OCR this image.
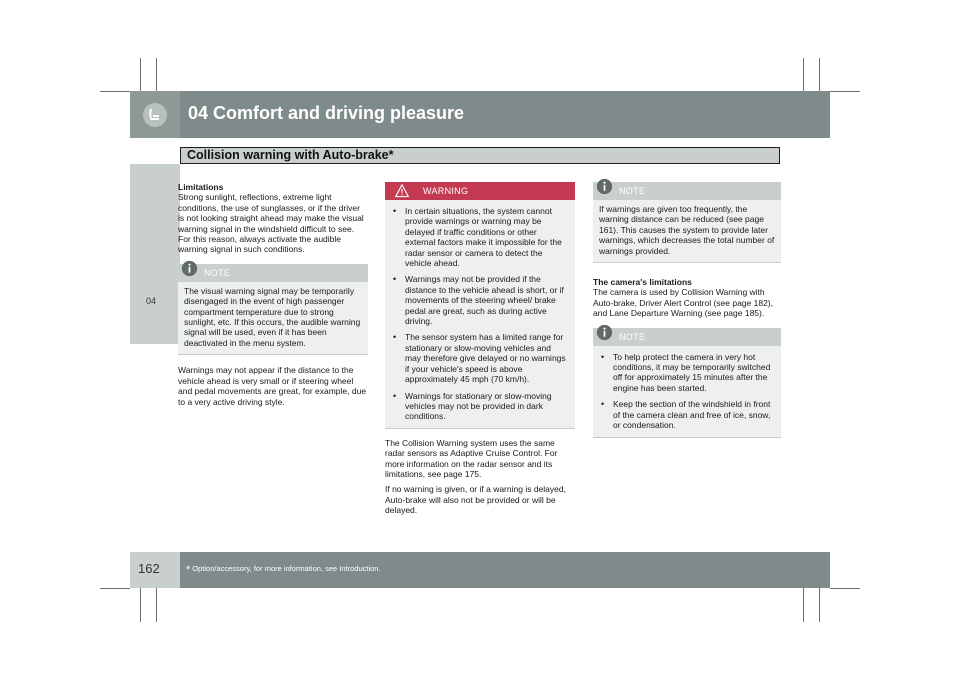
04 Comfort and driving pleasure
Collision warning with Auto-brake*
04
Limitations

Strong sunlight, reflections, extreme light conditions, the use of sunglasses, or if the driver is not looking straight ahead may make the visual warning signal in the windshield difficult to see. For this reason, always activate the audible warning signal in such conditions.

NOTE
The visual warning signal may be temporarily disengaged in the event of high passenger compartment temperature due to strong sunlight, etc. If this occurs, the audible warning signal will be used, even if it has been deactivated in the menu system.

Warnings may not appear if the distance to the vehicle ahead is very small or if steering wheel and pedal movements are great, for example, due to a very active driving style.

WARNING
• In certain situations, the system cannot provide warnings or warning may be delayed if traffic conditions or other external factors make it impossible for the radar sensor or camera to detect the vehicle ahead.
• Warnings may not be provided if the distance to the vehicle ahead is short, or if movements of the steering wheel/ brake pedal are great, such as during active driving.
• The sensor system has a limited range for stationary or slow-moving vehicles and may therefore give delayed or no warnings if your vehicle's speed is above approximately 45 mph (70 km/h).
• Warnings for stationary or slow-moving vehicles may not be provided in dark conditions.

The Collision Warning system uses the same radar sensors as Adaptive Cruise Control. For more information on the radar sensor and its limitations, see page 175.

If no warning is given, or if a warning is delayed, Auto-brake will also not be provided or will be delayed.

NOTE
If warnings are given too frequently, the warning distance can be reduced (see page 161). This causes the system to provide later warnings, which decreases the total number of warnings provided.
The camera's limitations

The camera is used by Collision Warning with Auto-brake, Driver Alert Control (see page 182), and Lane Departure Warning (see page 185).

NOTE
• To help protect the camera in very hot conditions, it may be temporarily switched off for approximately 15 minutes after the engine has been started.
• Keep the section of the windshield in front of the camera clean and free of ice, snow, or condensation.
162 * Option/accessory, for more information, see Introduction.
